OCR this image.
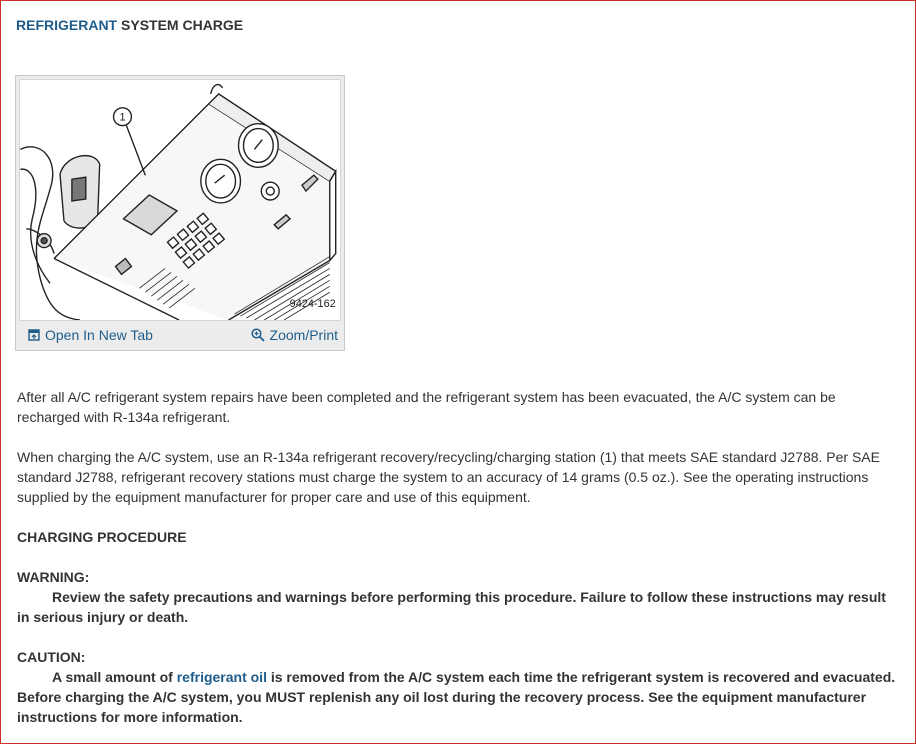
REFRIGERANT SYSTEM CHARGE
1
9424-162
Open In New Tab	Zoom/Print

After all A/C refrigerant system repairs have been completed and the refrigerant system has been evacuated, the A/C system can be recharged with R-134a refrigerant.

When charging the A/C system, use an R-134a refrigerant recovery/recycling/charging station (1) that meets SAE standard J2788. Per SAE standard J2788, refrigerant recovery stations must charge the system to an accuracy of 14 grams (0.5 oz.). See the operating instructions supplied by the equipment manufacturer for proper care and use of this equipment.

CHARGING PROCEDURE
WARNING:
Review the safety precautions and warnings before performing this procedure. Failure to follow these instructions may result in serious injury or death.
CAUTION:
A small amount of refrigerant oil is removed from the A/C system each time the refrigerant system is recovered and evacuated. Before charging the A/C system, you MUST replenish any oil lost during the recovery process. See the equipment manufacturer instructions for more information.
